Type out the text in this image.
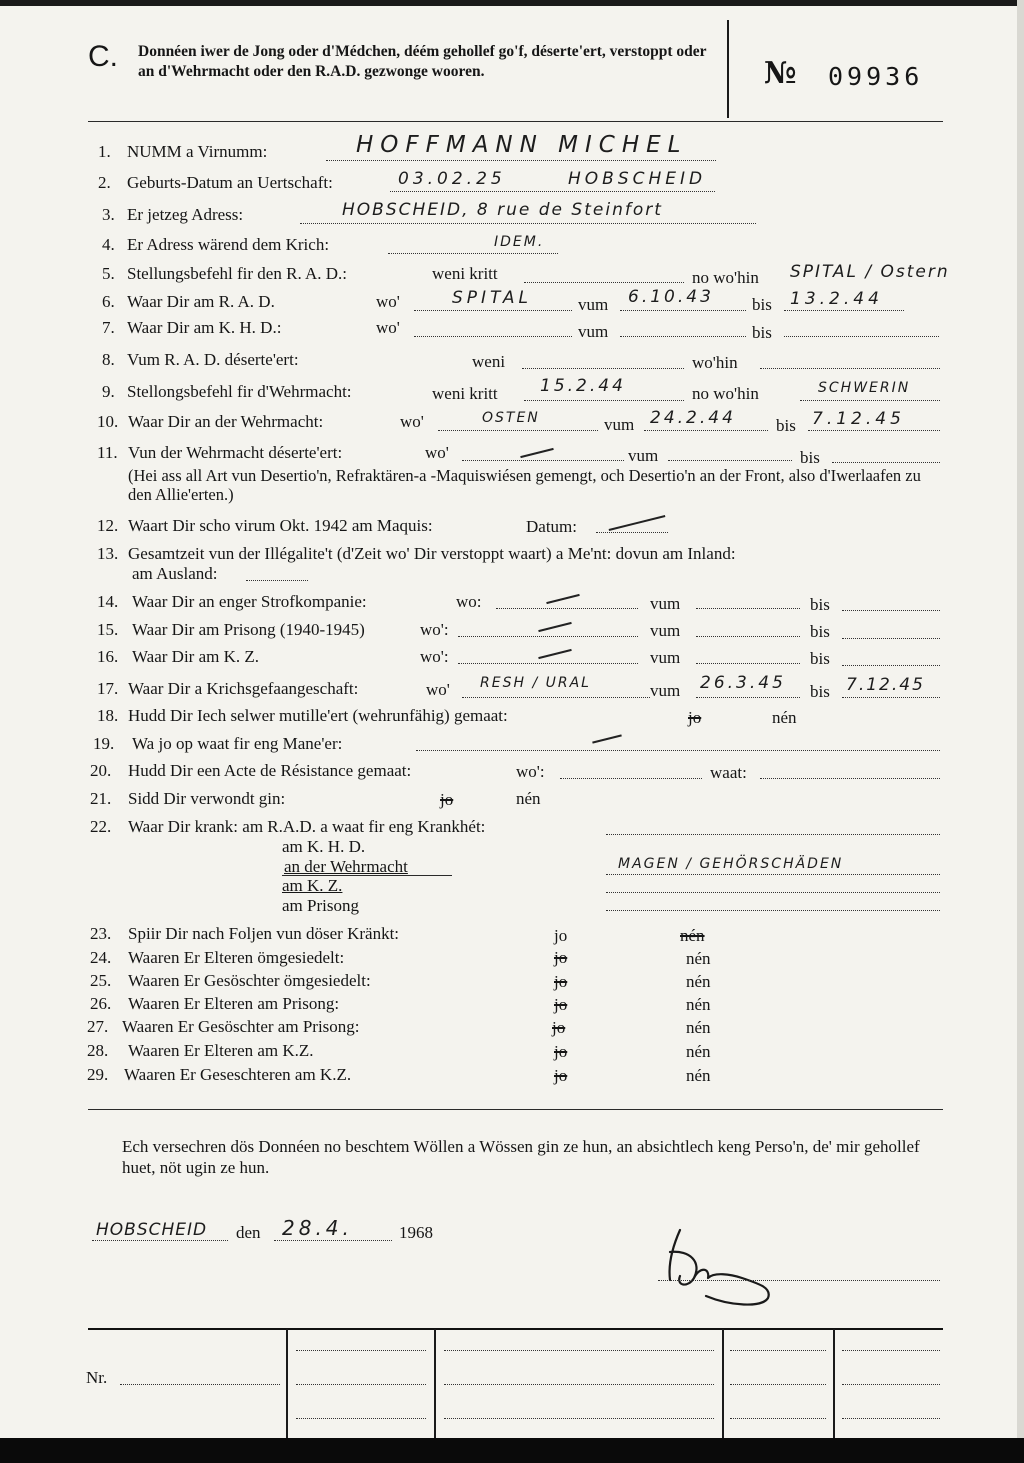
C. Donnéen iwer de Jong oder d'Médchen, déém gehollef go'f, déserte'ert, verstoppt oder an d'Wehrmacht oder den R.A.D. gezwonge wooren.	№ 09936
1. NUMM a Virnumm:	HOFFMANN MICHEL
2. Geburts-Datum an Uertschaft:	03.02.25	HOBSCHEID
3. Er jetzeg Adress:	HOBSCHEID, 8 rue de Steinfort
4. Er Adress wärend dem Krich:	IDEM.
5. Stellungsbefehl fir den R. A. D.:	weni kritt	no wo'hin SPITAL / Ostern
6. Waar Dir am R. A. D.	wo'	SPITAL	vum 6.10.43 bis 13.2.44
7. Waar Dir am K. H. D.:	wo'	vum	bis
8. Vum R. A. D. déserte'ert:	weni	wo'hin
9. Stellongsbefehl fir d'Wehrmacht:	weni kritt 15.2.44	no wo'hin	SCHWERIN
10. Waar Dir an der Wehrmacht:	wo'	OSTEN	vum 24.2.44 bis 7.12.45
11. Vun der Wehrmacht déserte'ert:	wo'	vum	bis
(Hei ass all Art vun Desertio'n, Refraktären-a -Maquiswiésen gemengt, och Desertio'n an der Front, also d'Iwerlaafen zu den Allie'erten.)
12. Waart Dir scho virum Okt. 1942 am Maquis:	Datum:
13. Gesamtzeit vun der Illégalite't (d'Zeit wo' Dir verstoppt waart) a Me'nt: dovun am Inland:
am Ausland:
14. Waar Dir an enger Strofkompanie:	wo:	vum	bis
15. Waar Dir am Prisong (1940-1945)	wo':	vum	bis
16. Waar Dir am K. Z.	wo':	vum	bis
17. Waar Dir a Krichsgefaangeschaft:	wo' RESH / URAL	vum 26.3.45 bis 7.12.45
18. Hudd Dir Iech selwer mutille'ert (wehrunfähig) gemaat:	jo	nén
19. Wa jo op waat fir eng Mane'er:
20. Hudd Dir een Acte de Résistance gemaat:	wo':	waat:
21. Sidd Dir verwondt gin:	jo	nén
22. Waar Dir krank: am R.A.D. a waat fir eng Krankhét:
am K. H. D.
an der Wehrmacht
am K. Z.
am Prisong
MAGEN / GEHÖRSCHÄDEN
23. Spiir Dir nach Foljen vun döser Kränkt:	jo	nén
24. Waaren Er Elteren ömgesiedelt:	jo	nén
25. Waaren Er Gesöschter ömgesiedelt:	jo	nén
26. Waaren Er Elteren am Prisong:	jo	nén
27. Waaren Er Gesöschter am Prisong:	jo	nén
28. Waaren Er Elteren am K.Z.	jo	nén
29. Waaren Er Geseschteren am K.Z.	jo	nén
Ech versechren dös Donnéen no beschtem Wöllen a Wössen gin ze hun, an absichtlech keng Perso'n, de' mir gehollef huet, nöt ugin ze hun.
HOBSCHEID den 28.4.	1968
Nr.
